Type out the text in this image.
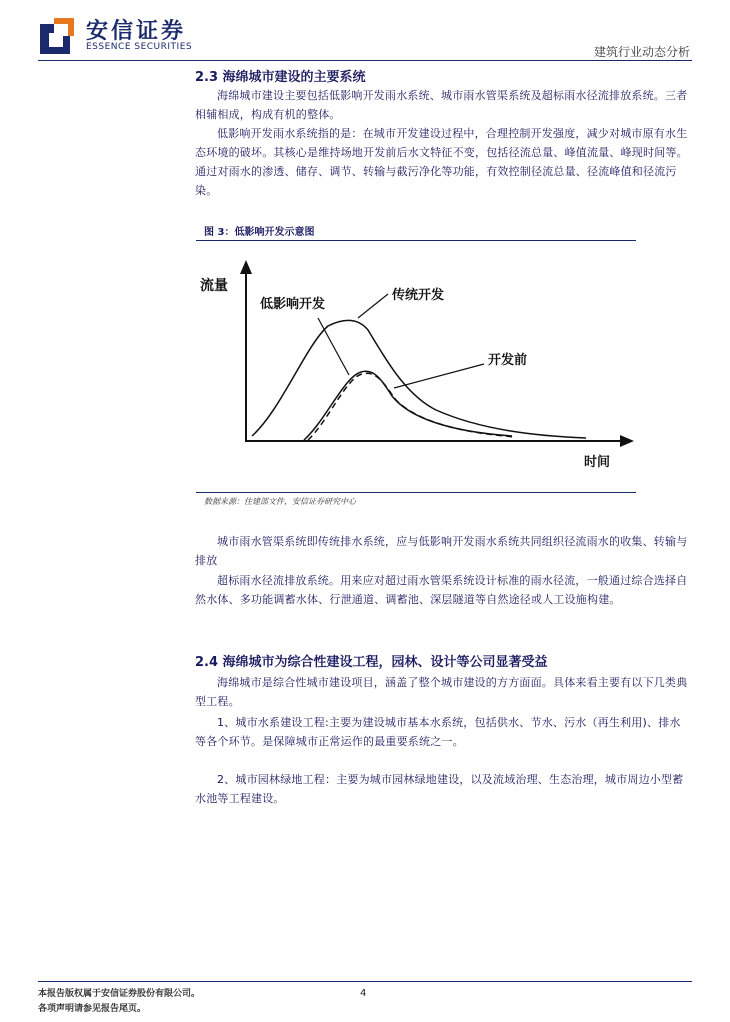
安信证券
ESSENCE SECURITIES	建筑行业动态分析
2.3 海绵城市建设的主要系统
海绵城市建设主要包括低影响开发雨水系统、城市雨水管渠系统及超标雨水径流排放系统。三者相辅相成，构成有机的整体。
低影响开发雨水系统指的是：在城市开发建设过程中，合理控制开发强度，减少对城市原有水生态环境的破坏。其核心是维持场地开发前后水文特征不变，包括径流总量、峰值流量、峰现时间等。通过对雨水的渗透、储存、调节、转输与截污净化等功能，有效控制径流总量、径流峰值和径流污染。
图 3：低影响开发示意图
流量
时间
低影响开发
传统开发
开发前
数据来源：住建部文件，安信证券研究中心
城市雨水管渠系统即传统排水系统，应与低影响开发雨水系统共同组织径流雨水的收集、转输与排放
超标雨水径流排放系统。用来应对超过雨水管渠系统设计标准的雨水径流，一般通过综合选择自然水体、多功能调蓄水体、行泄通道、调蓄池、深层隧道等自然途径或人工设施构建。
2.4 海绵城市为综合性建设工程，园林、设计等公司显著受益
海绵城市是综合性城市建设项目，涵盖了整个城市建设的方方面面。具体来看主要有以下几类典型工程。
1、城市水系建设工程:主要为建设城市基本水系统，包括供水、节水、污水（再生利用)、排水等各个环节。是保障城市正常运作的最重要系统之一。
2、城市园林绿地工程：主要为城市园林绿地建设，以及流域治理、生态治理，城市周边小型蓄水池等工程建设。
本报告版权属于安信证券股份有限公司。
各项声明请参见报告尾页。
4
